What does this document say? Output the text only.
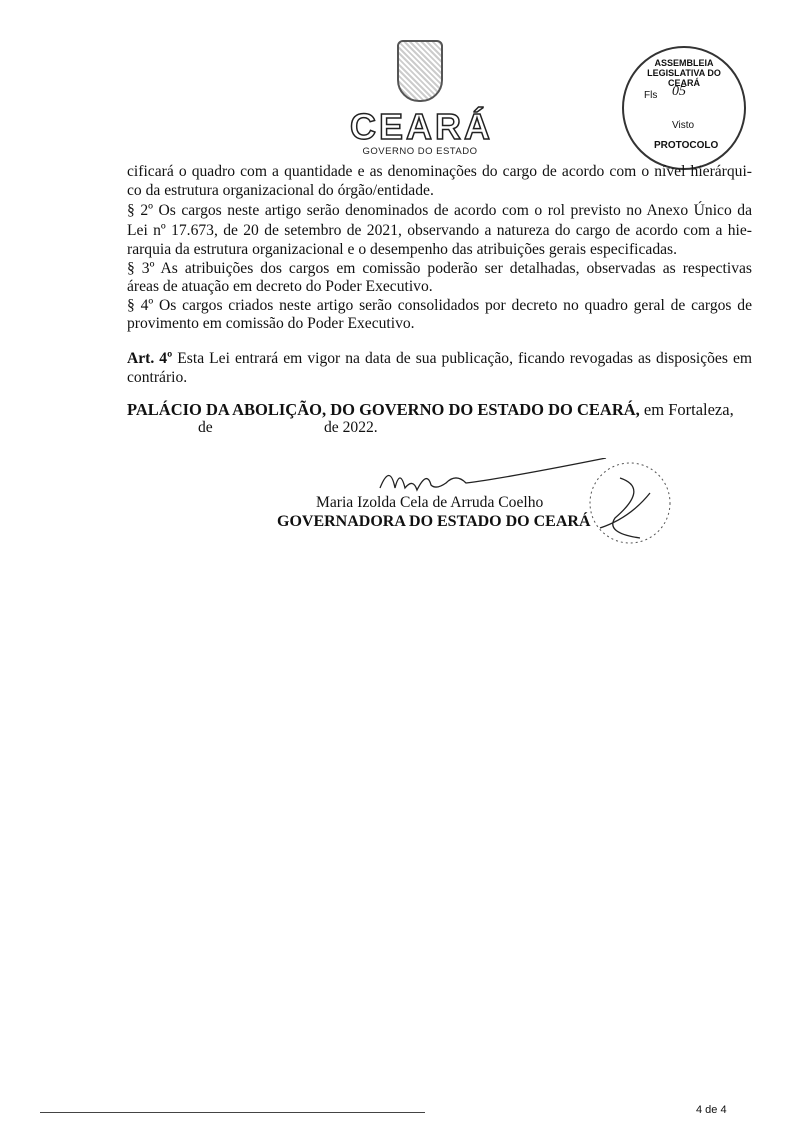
CEARÁ
GOVERNO DO ESTADO
ASSEMBLEIA LEGISLATIVA DO CEARÁ
Fls 05
Visto
PROTOCOLO
cificará o quadro com a quantidade e as denominações do cargo de acordo com o nível hierárqui-
co da estrutura organizacional do órgão/entidade.
§ 2º Os cargos neste artigo serão denominados de acordo com o rol previsto no Anexo Único da
Lei nº 17.673, de 20 de setembro de 2021, observando a natureza do cargo de acordo com a hie-
rarquia da estrutura organizacional e o desempenho das atribuições gerais especificadas.
§ 3º As atribuições dos cargos em comissão poderão ser detalhadas, observadas as respectivas
áreas de atuação em decreto do Poder Executivo.
§ 4º Os cargos criados neste artigo serão consolidados por decreto no quadro geral de cargos de
provimento em comissão do Poder Executivo.
Art. 4º Esta Lei entrará em vigor na data de sua publicação, ficando revogadas as disposições em
contrário.
PALÁCIO DA ABOLIÇÃO, DO GOVERNO DO ESTADO DO CEARÁ, em Fortaleza,
de	de 2022.
Maria Izolda Cela de Arruda Coelho
GOVERNADORA DO ESTADO DO CEARÁ
4 de 4
